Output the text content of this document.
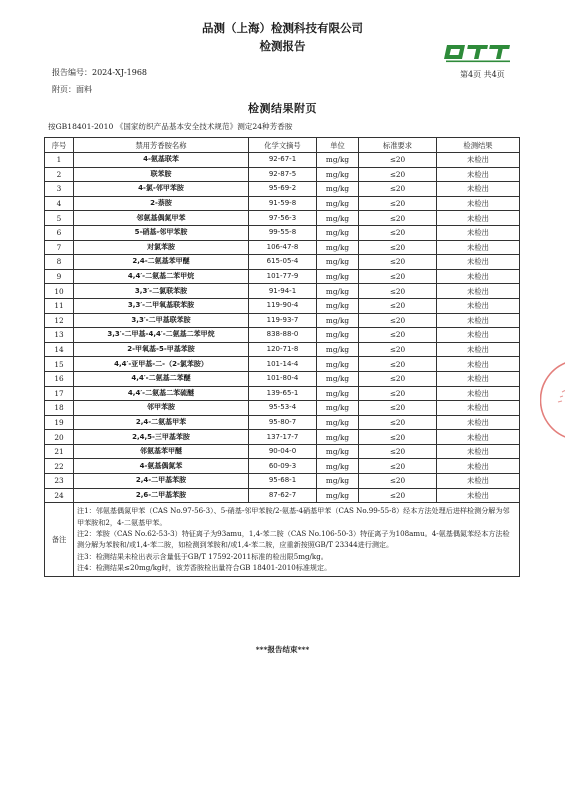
品测（上海）检测科技有限公司
检测报告
报告编号：2024-XJ-1968	第4页 共4页
附页：面料
检测结果附页
按GB18401-2010 《国家纺织产品基本安全技术规范》测定24种芳香胺
序号	禁用芳香胺名称	化学文摘号	单位	标准要求	检测结果
1	4-氨基联苯	92-67-1	mg/kg	≤20	未检出
2	联苯胺	92-87-5	mg/kg	≤20	未检出
3	4-氯-邻甲苯胺	95-69-2	mg/kg	≤20	未检出
4	2-萘胺	91-59-8	mg/kg	≤20	未检出
5	邻氨基偶氮甲苯	97-56-3	mg/kg	≤20	未检出
6	5-硝基-邻甲苯胺	99-55-8	mg/kg	≤20	未检出
7	对氯苯胺	106-47-8	mg/kg	≤20	未检出
8	2,4-二氨基苯甲醚	615-05-4	mg/kg	≤20	未检出
9	4,4′-二氨基二苯甲烷	101-77-9	mg/kg	≤20	未检出
10	3,3′-二氯联苯胺	91-94-1	mg/kg	≤20	未检出
11	3,3′-二甲氧基联苯胺	119-90-4	mg/kg	≤20	未检出
12	3,3′-二甲基联苯胺	119-93-7	mg/kg	≤20	未检出
13	3,3′-二甲基-4,4′-二氨基二苯甲烷	838-88-0	mg/kg	≤20	未检出
14	2-甲氧基-5-甲基苯胺	120-71-8	mg/kg	≤20	未检出
15	4,4′-亚甲基-二-（2-氯苯胺）	101-14-4	mg/kg	≤20	未检出
16	4,4′-二氨基二苯醚	101-80-4	mg/kg	≤20	未检出
17	4,4′-二氨基二苯硫醚	139-65-1	mg/kg	≤20	未检出
18	邻甲苯胺	95-53-4	mg/kg	≤20	未检出
19	2,4-二氨基甲苯	95-80-7	mg/kg	≤20	未检出
20	2,4,5-三甲基苯胺	137-17-7	mg/kg	≤20	未检出
21	邻氨基苯甲醚	90-04-0	mg/kg	≤20	未检出
22	4-氨基偶氮苯	60-09-3	mg/kg	≤20	未检出
23	2,4-二甲基苯胺	95-68-1	mg/kg	≤20	未检出
24	2,6-二甲基苯胺	87-62-7	mg/kg	≤20	未检出
备注	注1：邻氨基偶氮甲苯（CAS No.97-56-3）、5-硝基-邻甲苯胺/2-氨基-4硝基甲苯（CAS No.99-55-8）经本方法处理后进样检测分解为邻甲苯胺和2，4-二氨基甲苯。
注2：苯胺（CAS No.62-53-3）特征离子为93amu，1,4-苯二胺（CAS No.106-50-3）特征离子为108amu。4-氨基偶氮苯经本方法检测分解为苯胺和/或1,4-苯二胺，如检测到苯胺和/或1,4-苯二胺，应重新按照GB/T 23344进行测定。
注3：检测结果未检出表示含量低于GB/T 17592-2011标准的检出限5mg/kg。
注4：检测结果≤20mg/kg时，该芳香胺检出量符合GB 18401-2010标准规定。				
***报告结束***
